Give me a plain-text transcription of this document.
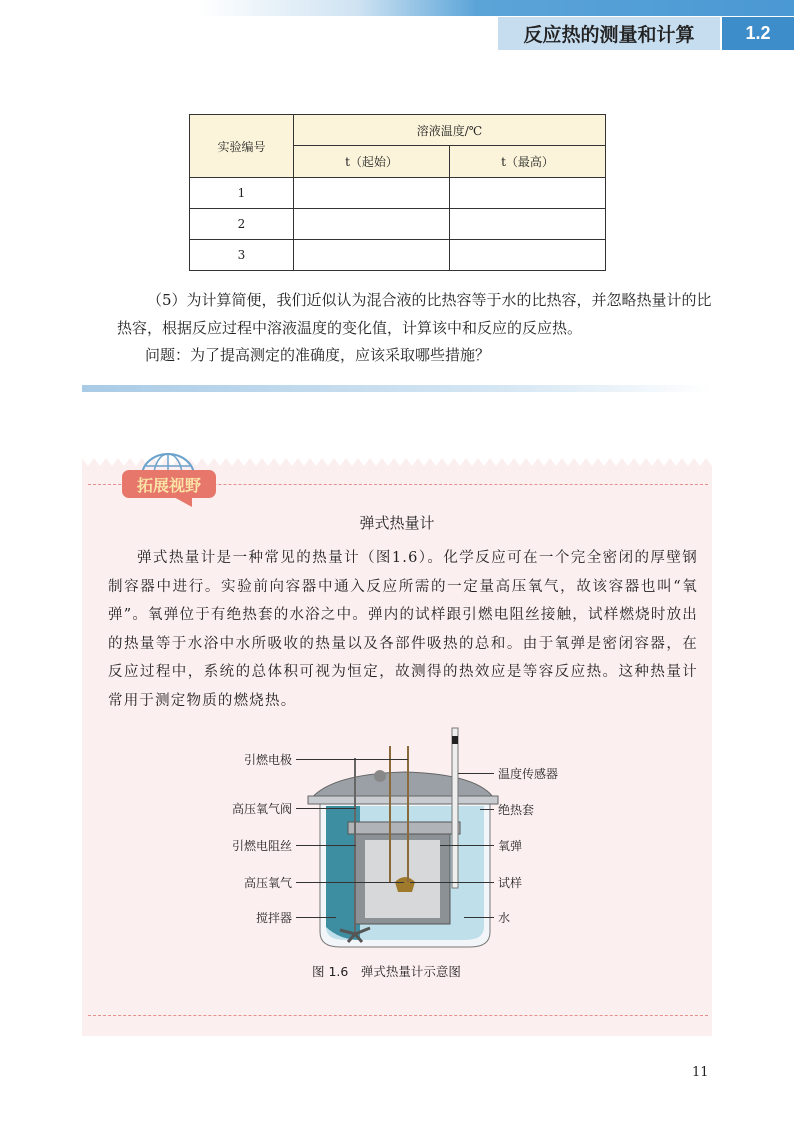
反应热的测量和计算	1.2
实验编号	溶液温度/℃	
	t（起始）	t（最高）
1		
2		
3		

（5）为计算简便，我们近似认为混合液的比热容等于水的比热容，并忽略热量计的比热容，根据反应过程中溶液温度的变化值，计算该中和反应的反应热。

问题：为了提高测定的准确度，应该采取哪些措施？

拓展视野
弹式热量计

弹式热量计是一种常见的热量计（图1.6）。化学反应可在一个完全密闭的厚壁钢制容器中进行。实验前向容器中通入反应所需的一定量高压氧气，故该容器也叫“氧弹”。氧弹位于有绝热套的水浴之中。弹内的试样跟引燃电阻丝接触，试样燃烧时放出的热量等于水浴中水所吸收的热量以及各部件吸热的总和。由于氧弹是密闭容器，在反应过程中，系统的总体积可视为恒定，故测得的热效应是等容反应热。这种热量计常用于测定物质的燃烧热。

引燃电极
高压氧气阀
引燃电阻丝
高压氧气
搅拌器
温度传感器
绝热套
氧弹
试样
水
图 1.6　弹式热量计示意图
11
